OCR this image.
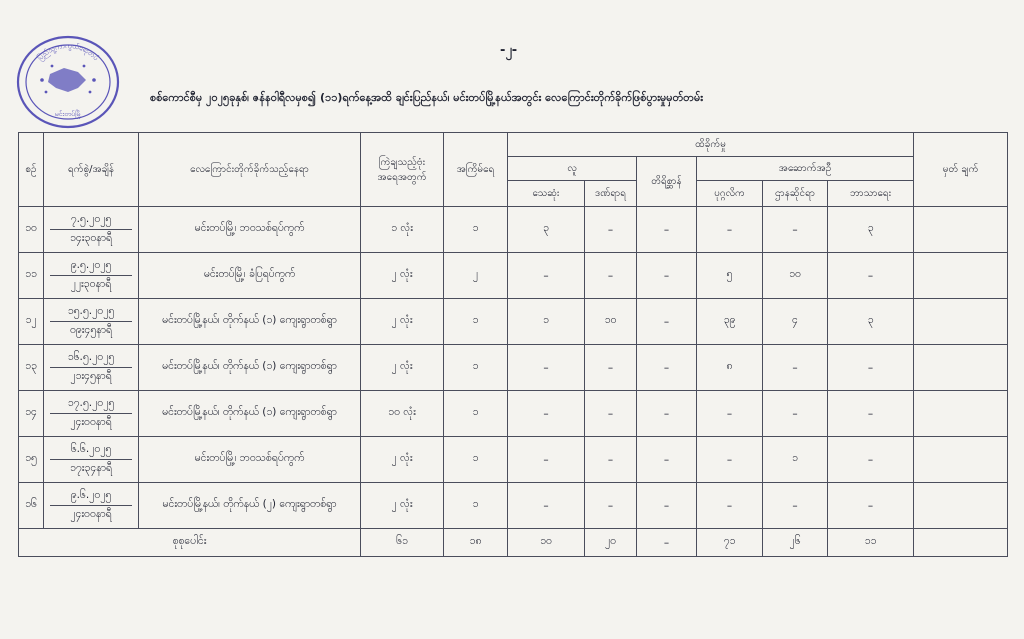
ပြည်သူ့ကာကွယ်ရေးတပ်
မင်းတပ်မြို့
-၂-
စစ်ကောင်စီမှ ၂၀၂၅ခုနှစ်၊ ဇန်နဝါရီလမှစ၍ (၁၁)ရက်နေ့အထိ ချင်းပြည်နယ်၊ မင်းတပ်မြို့နယ်အတွင်း လေကြောင်းတိုက်ခိုက်ဖြစ်ပွားမှုမှတ်တမ်း
စဉ်	ရက်စွဲ/အချိန်	လေကြောင်းတိုက်ခိုက်သည့်နေရာ	ကြဲချသည့်ဗုံး အရေအတွက်	အကြိမ်ရေ	ထိခိုက်မှု						မှတ် ချက်
					လူ		တိရိစ္ဆာန်	အဆောက်အဦ			
					သေဆုံး	ဒဏ်ရာရ		ပုဂ္ဂလိက	ဌာနဆိုင်ရာ	ဘာသာရေး	
၁၀	၇.၅.၂၀၂၅
၁၄း၃၀နာရီ	မင်းတပ်မြို့၊ ဘဝသစ်ရပ်ကွက်	၁ လုံး	၁	၃	–	–	–	–	၃	
၁၁	၉.၅.၂၀၂၅
၂၂း၃၀နာရီ	မင်းတပ်မြို့၊ ခံပြရပ်ကွက်	၂ လုံး	၂	–	–	–	၅	၁၀	–	
၁၂	၁၅.၅.၂၀၂၅
၀၉း၄၅နာရီ	မင်းတပ်မြို့နယ်၊ တိုက်နယ် (၁) ကျေးရွာတစ်ရွာ	၂ လုံး	၁	၁	၁၀	–	၃၉	၄	၃	
၁၃	၁၆.၅.၂၀၂၅
၂၁း၄၅နာရီ	မင်းတပ်မြို့နယ်၊ တိုက်နယ် (၁) ကျေးရွာတစ်ရွာ	၂ လုံး	၁	–	–	–	၈	–	–	
၁၄	၁၇.၅.၂၀၂၅
၂၄း၀၀နာရီ	မင်းတပ်မြို့နယ်၊ တိုက်နယ် (၁) ကျေးရွာတစ်ရွာ	၁၀ လုံး	၁	–	–	–	–	–	–	
၁၅	၆.၆.၂၀၂၅
၁၇း၃၄နာရီ	မင်းတပ်မြို့၊ ဘဝသစ်ရပ်ကွက်	၂ လုံး	၁	–	–	–	–	၁	–	
၁၆	၉.၆.၂၀၂၅
၂၄း၀၀နာရီ	မင်းတပ်မြို့နယ်၊ တိုက်နယ် (၂) ကျေးရွာတစ်ရွာ	၂ လုံး	၁	–	–	–	–	–	–	
စုစုပေါင်း			၆၁	၁၈	၁၀	၂၀	–	၇၁	၂၆	၁၁	
